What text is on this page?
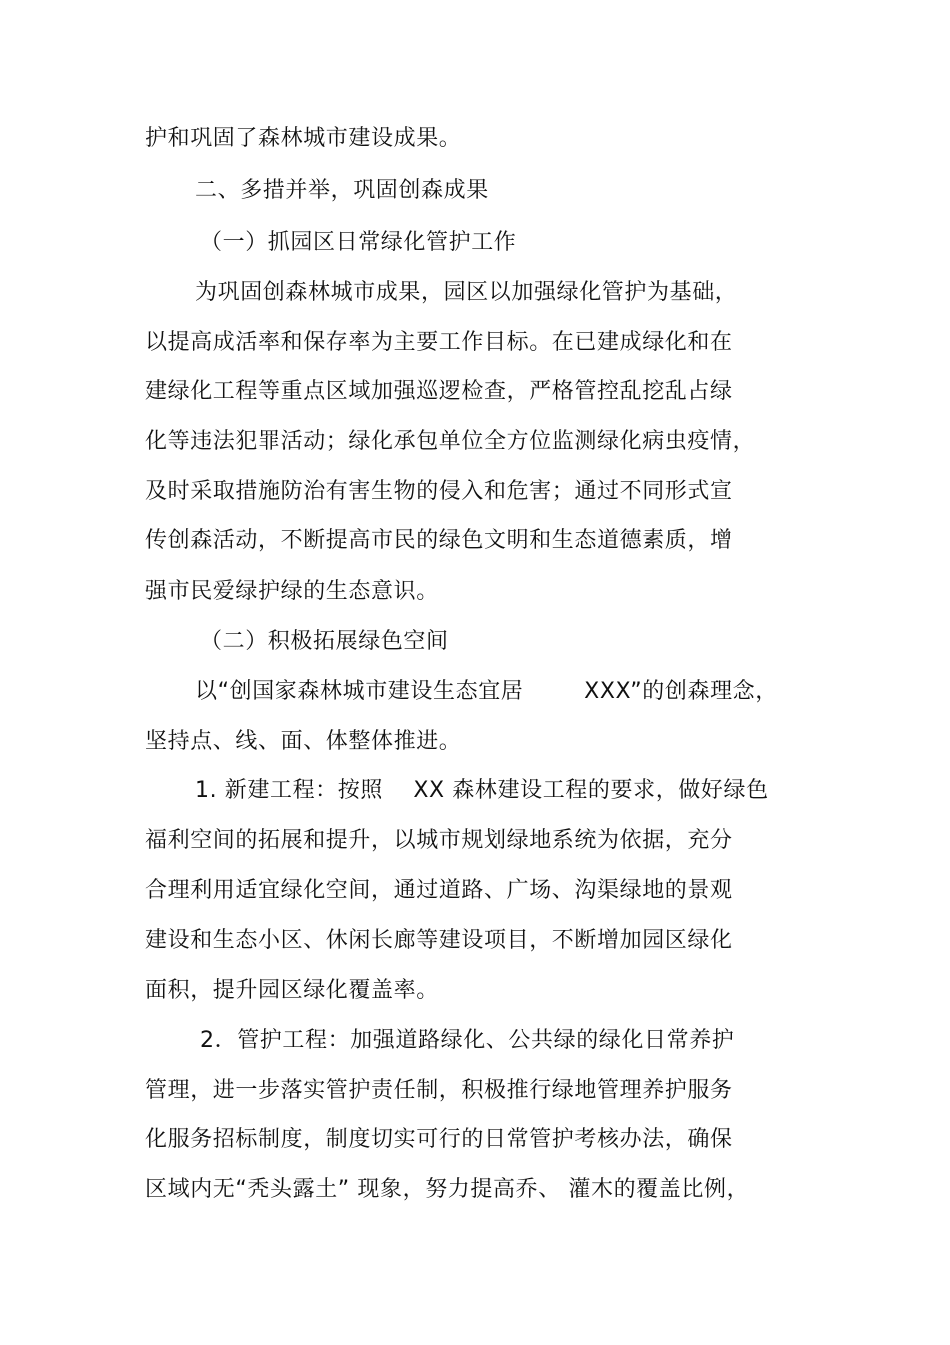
护和巩固了森林城市建设成果。
二、多措并举，巩固创森成果
（一）抓园区日常绿化管护工作
为巩固创森林城市成果，园区以加强绿化管护为基础，
以提高成活率和保存率为主要工作目标。在已建成绿化和在
建绿化工程等重点区域加强巡逻检查，严格管控乱挖乱占绿
化等违法犯罪活动；绿化承包单位全方位监测绿化病虫疫情，
及时采取措施防治有害生物的侵入和危害；通过不同形式宣
传创森活动，不断提高市民的绿色文明和生态道德素质，增
强市民爱绿护绿的生态意识。
（二）积极拓展绿色空间
以“创国家森林城市建设生态宜居        XXX”的创森理念，
坚持点、线、面、体整体推进。
1. 新建工程：按照    XX 森林建设工程的要求，做好绿色
福利空间的拓展和提升，以城市规划绿地系统为依据，充分
合理利用适宜绿化空间，通过道路、广场、沟渠绿地的景观
建设和生态小区、休闲长廊等建设项目，不断增加园区绿化
面积，提升园区绿化覆盖率。
2．管护工程：加强道路绿化、公共绿的绿化日常养护
管理，进一步落实管护责任制，积极推行绿地管理养护服务
化服务招标制度，制度切实可行的日常管护考核办法，确保
区域内无“秃头露土” 现象，努力提高乔、 灌木的覆盖比例，
